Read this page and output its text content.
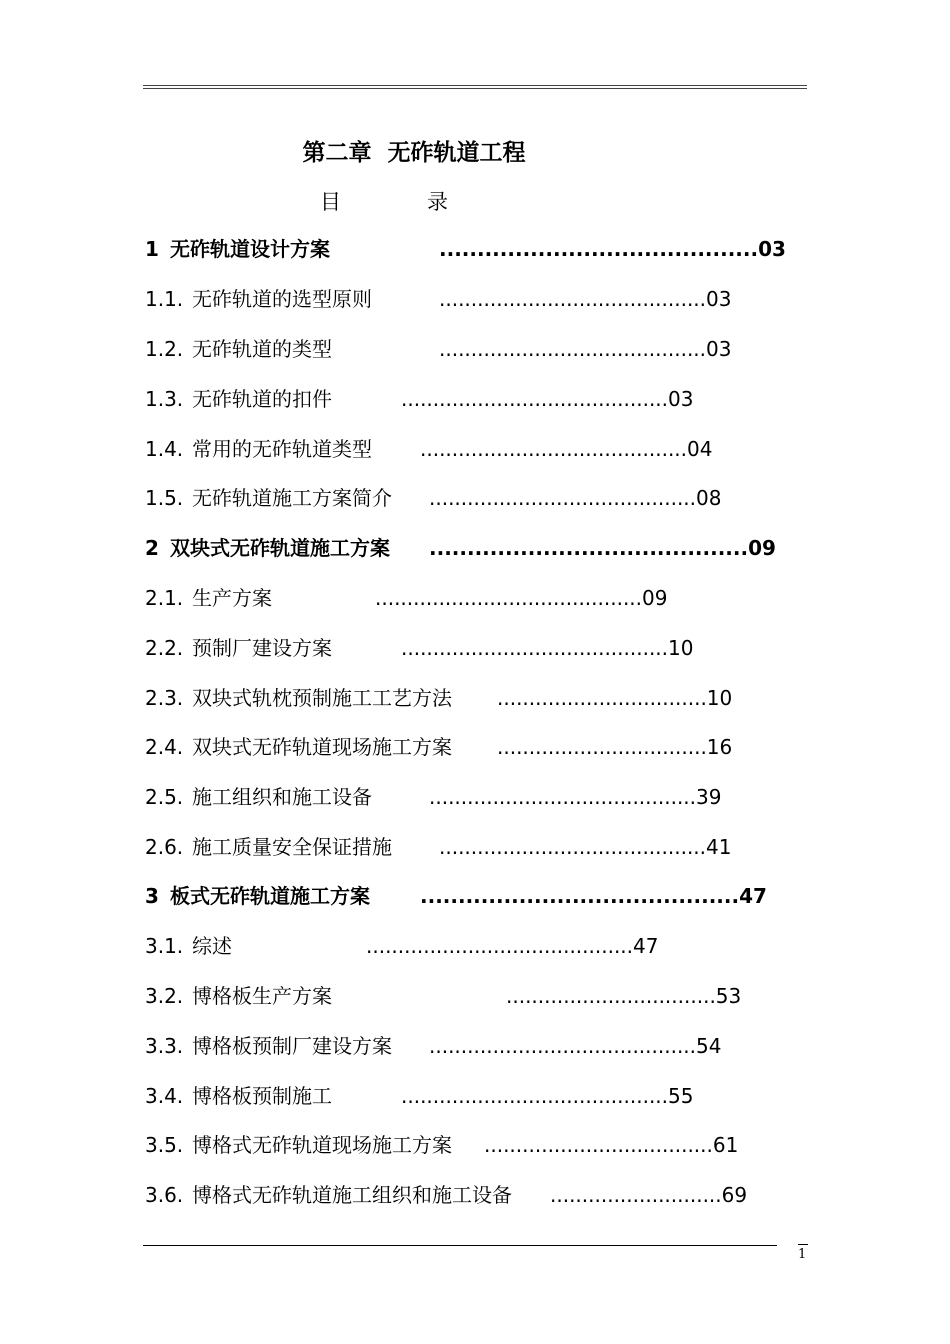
第二章  无砟轨道工程
目	录
1 无砟轨道设计方案	..........................................03
1.1. 无砟轨道的选型原则	..........................................03
1.2. 无砟轨道的类型	..........................................03
1.3. 无砟轨道的扣件	..........................................03
1.4. 常用的无砟轨道类型 ..........................................04
1.5. 无砟轨道施工方案简介 ..........................................08
2 双块式无砟轨道施工方案 ..........................................09
2.1. 生产方案	..........................................09
2.2. 预制厂建设方案	..........................................10
2.3. 双块式轨枕预制施工工艺方法 .................................10
2.4. 双块式无砟轨道现场施工方案 .................................16
2.5. 施工组织和施工设备	..........................................39
2.6. 施工质量安全保证措施 ..........................................41
3 板式无砟轨道施工方案	..........................................47
3.1. 综述	..........................................47
3.2. 博格板生产方案	.................................53
3.3. 博格板预制厂建设方案 ..........................................54
3.4. 博格板预制施工	..........................................55
3.5. 博格式无砟轨道现场施工方案 ....................................61
3.6. 博格式无砟轨道施工组织和施工设备 ...........................69
1
